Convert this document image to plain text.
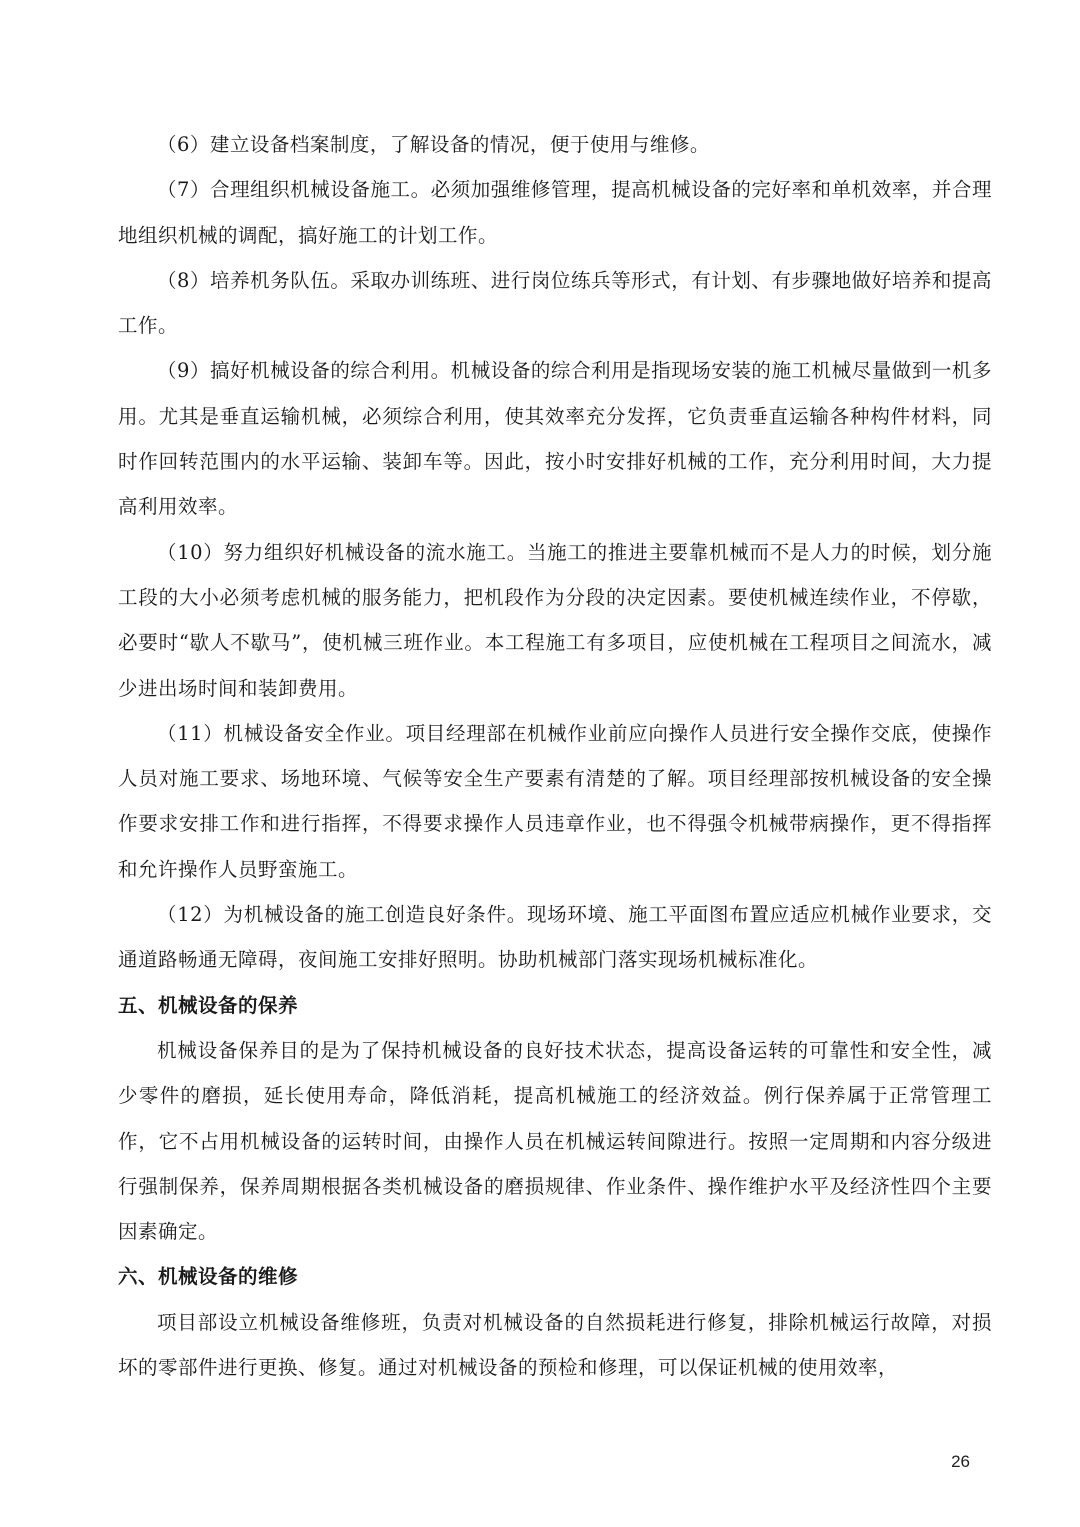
（6）建立设备档案制度，了解设备的情况，便于使用与维修。

（7）合理组织机械设备施工。必须加强维修管理，提高机械设备的完好率和单机效率，并合理地组织机械的调配，搞好施工的计划工作。

（8）培养机务队伍。采取办训练班、进行岗位练兵等形式，有计划、有步骤地做好培养和提高工作。

（9）搞好机械设备的综合利用。机械设备的综合利用是指现场安装的施工机械尽量做到一机多用。尤其是垂直运输机械，必须综合利用，使其效率充分发挥，它负责垂直运输各种构件材料，同时作回转范围内的水平运输、装卸车等。因此，按小时安排好机械的工作，充分利用时间，大力提高利用效率。

（10）努力组织好机械设备的流水施工。当施工的推进主要靠机械而不是人力的时候，划分施工段的大小必须考虑机械的服务能力，把机段作为分段的决定因素。要使机械连续作业，不停歇，必要时“歇人不歇马”，使机械三班作业。本工程施工有多项目，应使机械在工程项目之间流水，减少进出场时间和装卸费用。

（11）机械设备安全作业。项目经理部在机械作业前应向操作人员进行安全操作交底，使操作人员对施工要求、场地环境、气候等安全生产要素有清楚的了解。项目经理部按机械设备的安全操作要求安排工作和进行指挥，不得要求操作人员违章作业，也不得强令机械带病操作，更不得指挥和允许操作人员野蛮施工。

（12）为机械设备的施工创造良好条件。现场环境、施工平面图布置应适应机械作业要求，交通道路畅通无障碍，夜间施工安排好照明。协助机械部门落实现场机械标准化。

五、机械设备的保养

机械设备保养目的是为了保持机械设备的良好技术状态，提高设备运转的可靠性和安全性，减少零件的磨损，延长使用寿命，降低消耗，提高机械施工的经济效益。例行保养属于正常管理工作，它不占用机械设备的运转时间，由操作人员在机械运转间隙进行。按照一定周期和内容分级进行强制保养，保养周期根据各类机械设备的磨损规律、作业条件、操作维护水平及经济性四个主要因素确定。

六、机械设备的维修

项目部设立机械设备维修班，负责对机械设备的自然损耗进行修复，排除机械运行故障，对损坏的零部件进行更换、修复。通过对机械设备的预检和修理，可以保证机械的使用效率，

26
